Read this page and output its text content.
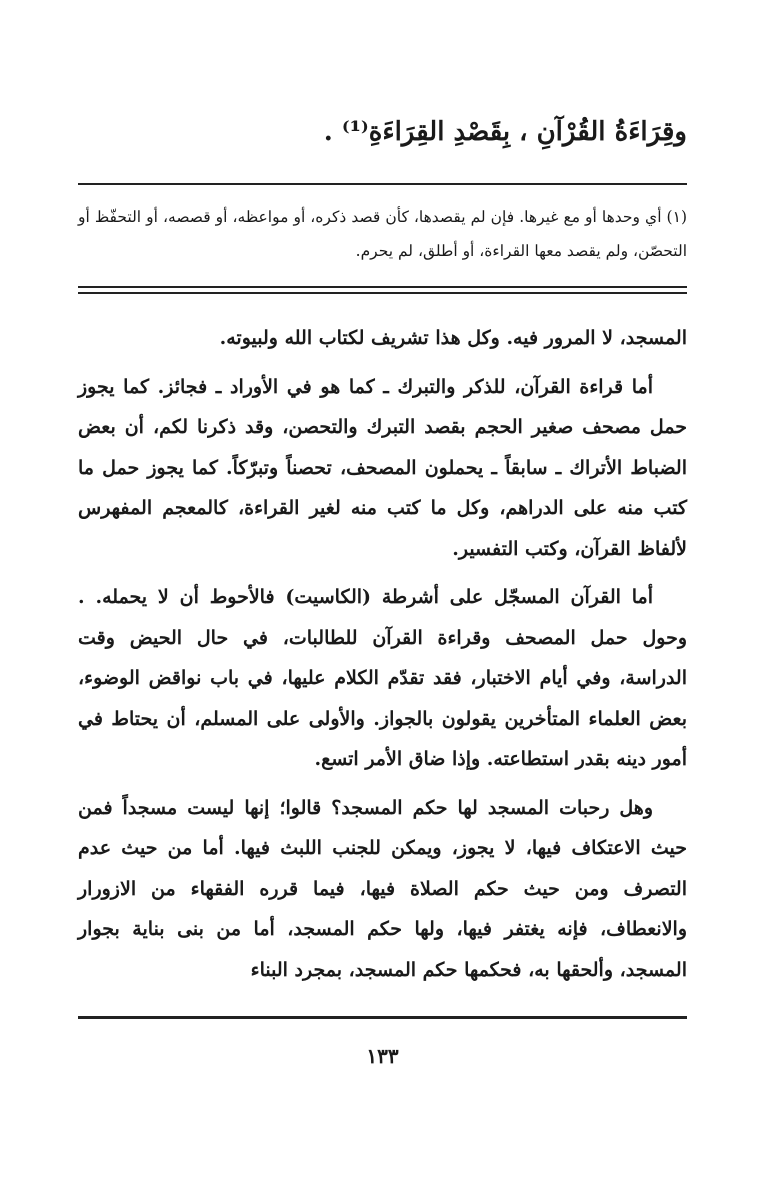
وقِرَاءَةُ القُرْآنِ ، بِقَصْدِ القِرَاءَةِ⁽¹⁾ .
(١) أي وحدها أو مع غيرها. فإن لم يقصدها، كأن قصد ذكره، أو مواعظه، أو قصصه، أو التحفّظ أو التحصّن، ولم يقصد معها القراءة، أو أطلق، لم يحرم.

المسجد، لا المرور فيه. وكل هذا تشريف لكتاب الله ولبيوته.

أما قراءة القرآن، للذكر والتبرك ـ كما هو في الأوراد ـ فجائز. كما يجوز حمل مصحف صغير الحجم بقصد التبرك والتحصن، وقد ذكرنا لكم، أن بعض الضباط الأتراك ـ سابقاً ـ يحملون المصحف، تحصناً وتبرّكاً. كما يجوز حمل ما كتب منه على الدراهم، وكل ما كتب منه لغير القراءة، كالمعجم المفهرس لألفاظ القرآن، وكتب التفسير.

أما القرآن المسجّل على أشرطة (الكاسيت) فالأحوط أن لا يحمله. . وحول حمل المصحف وقراءة القرآن للطالبات، في حال الحيض وقت الدراسة، وفي أيام الاختبار، فقد تقدّم الكلام عليها، في باب نواقض الوضوء، بعض العلماء المتأخرين يقولون بالجواز. والأولى على المسلم، أن يحتاط في أمور دينه بقدر استطاعته. وإذا ضاق الأمر اتسع.

وهل رحبات المسجد لها حكم المسجد؟ قالوا؛ إنها ليست مسجداً فمن حيث الاعتكاف فيها، لا يجوز، ويمكن للجنب اللبث فيها. أما من حيث عدم التصرف ومن حيث حكم الصلاة فيها، فيما قرره الفقهاء من الازورار والانعطاف، فإنه يغتفر فيها، ولها حكم المسجد، أما من بنى بناية بجوار المسجد، وألحقها به، فحكمها حكم المسجد، بمجرد البناء

١٣٣
